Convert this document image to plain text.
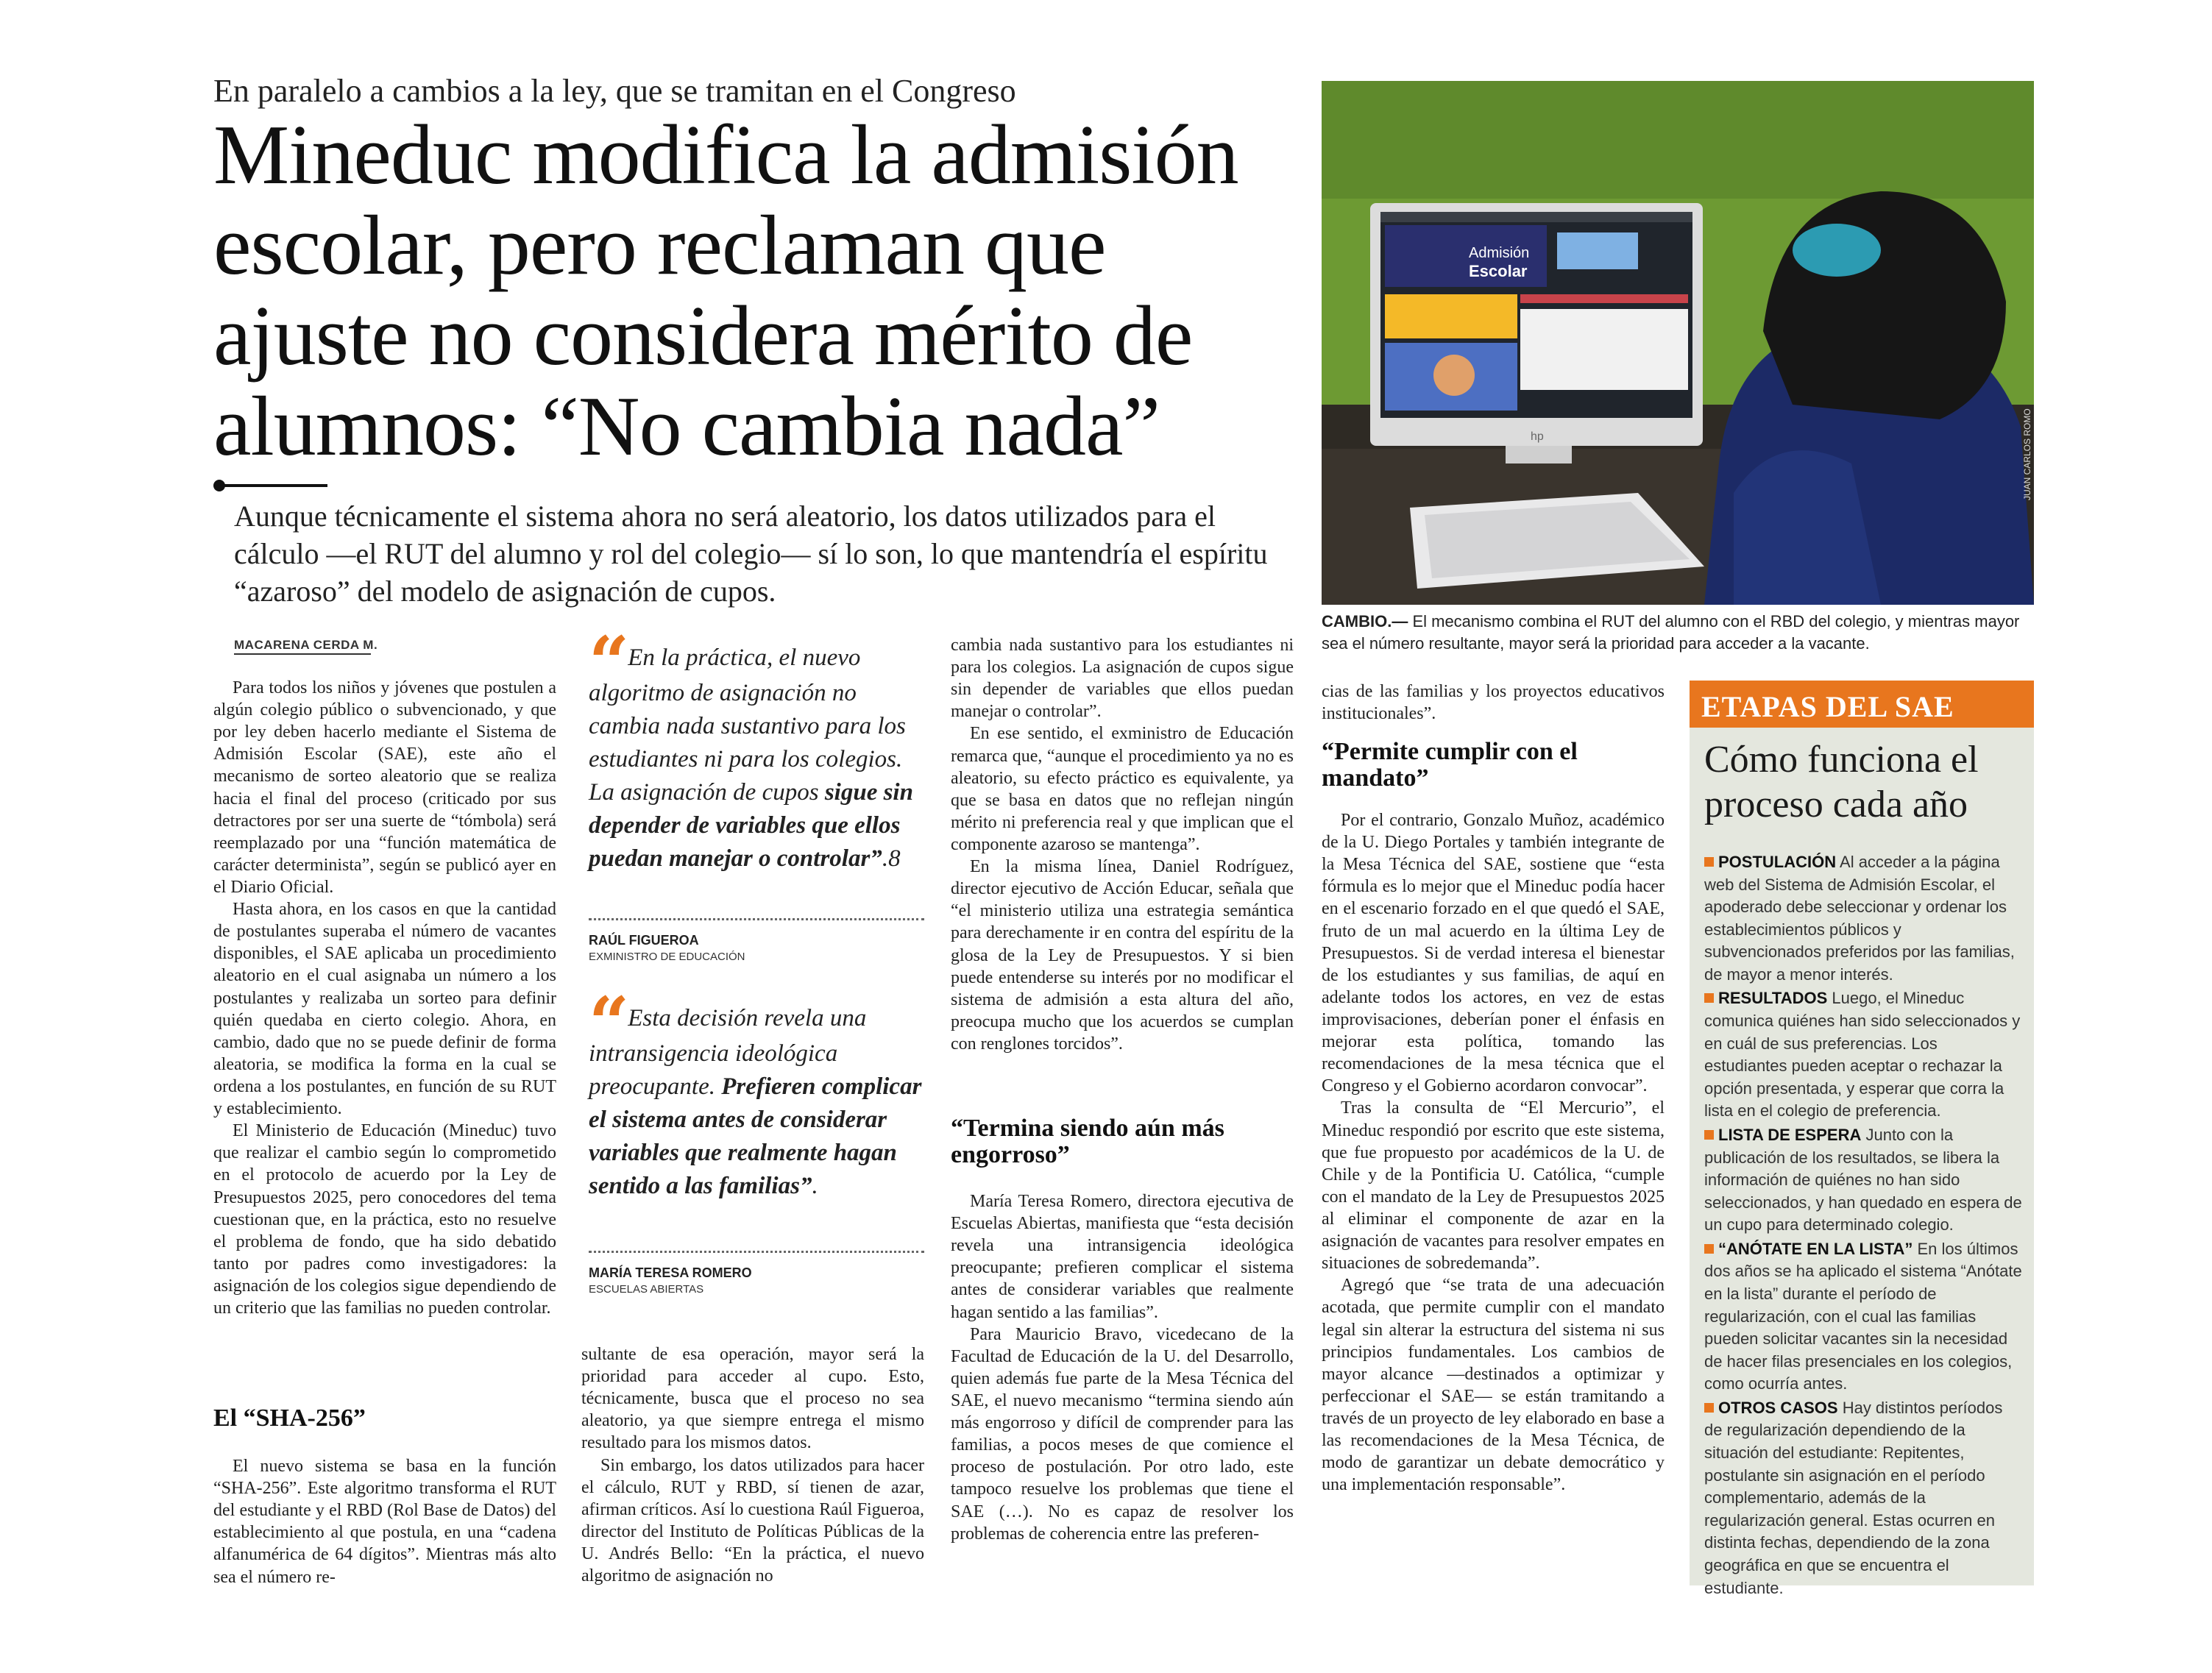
En paralelo a cambios a la ley, que se tramitan en el Congreso
Mineduc modifica la admisión escolar, pero reclaman que ajuste no considera mérito de alumnos: “No cambia nada”
Aunque técnicamente el sistema ahora no será aleatorio, los datos utilizados para el cálculo —el RUT del alumno y rol del colegio— sí lo son, lo que mantendría el espíritu “azaroso” del modelo de asignación de cupos.
Admisión
Escolar
hp	JUAN CARLOS ROMO
CAMBIO.— El mecanismo combina el RUT del alumno con el RBD del colegio, y mientras mayor sea el número resultante, mayor será la prioridad para acceder a la vacante.
MACARENA CERDA M.

Para todos los niños y jóvenes que postulen a algún colegio público o subvencionado, y que por ley deben hacerlo mediante el Sistema de Admisión Escolar (SAE), este año el mecanismo de sorteo aleatorio que se realiza hacia el final del proceso (criticado por sus detractores por ser una suerte de “tómbola) será reemplazado por una “función matemática de carácter determinista”, según se publicó ayer en el Diario Oficial.

Hasta ahora, en los casos en que la cantidad de postulantes superaba el número de vacantes disponibles, el SAE aplicaba un procedimiento aleatorio en el cual asignaba un número a los postulantes y realizaba un sorteo para definir quién quedaba en cierto colegio. Ahora, en cambio, dado que no se puede definir de forma aleatoria, se modifica la forma en la cual se ordena a los postulantes, en función de su RUT y establecimiento.

El Ministerio de Educación (Mineduc) tuvo que realizar el cambio según lo comprometido en el protocolo de acuerdo por la Ley de Presupuestos 2025, pero conocedores del tema cuestionan que, en la práctica, esto no resuelve el problema de fondo, que ha sido debatido tanto por padres como investigadores: la asignación de los colegios sigue dependiendo de un criterio que las familias no pueden controlar.

El “SHA-256”

El nuevo sistema se basa en la función “SHA-256”. Este algoritmo transforma el RUT del estudiante y el RBD (Rol Base de Datos) del establecimiento al que postula, en una “cadena alfanumérica de 64 dígitos”. Mientras más alto sea el número re-

“ En la práctica, el nuevo algoritmo de asignación no cambia nada sustantivo para los estudiantes ni para los colegios. La asignación de cupos sigue sin depender de variables que ellos puedan manejar o controlar”.8
RAÚL FIGUEROA
EXMINISTRO DE EDUCACIÓN
“ Esta decisión revela una intransigencia ideológica preocupante. Prefieren complicar el sistema antes de considerar variables que realmente hagan sentido a las familias”.
MARÍA TERESA ROMERO
ESCUELAS ABIERTAS

sultante de esa operación, mayor será la prioridad para acceder al cupo. Esto, técnicamente, busca que el proceso no sea aleatorio, ya que siempre entrega el mismo resultado para los mismos datos.

Sin embargo, los datos utilizados para hacer el cálculo, RUT y RBD, sí tienen de azar, afirman críticos. Así lo cuestiona Raúl Figueroa, director del Instituto de Políticas Públicas de la U. Andrés Bello: “En la práctica, el nuevo algoritmo de asignación no

cambia nada sustantivo para los estudiantes ni para los colegios. La asignación de cupos sigue sin depender de variables que ellos puedan manejar o controlar”.

En ese sentido, el exministro de Educación remarca que, “aunque el procedimiento ya no es aleatorio, su efecto práctico es equivalente, ya que se basa en datos que no reflejan ningún mérito ni preferencia real y que implican que el componente azaroso se mantenga”.

En la misma línea, Daniel Rodríguez, director ejecutivo de Acción Educar, señala que “el ministerio utiliza una estrategia semántica para derechamente ir en contra del espíritu de la glosa de la Ley de Presupuestos. Y si bien puede entenderse su interés por no modificar el sistema de admisión a esta altura del año, preocupa mucho que los acuerdos se cumplan con renglones torcidos”.

“Termina siendo aún más engorroso”

María Teresa Romero, directora ejecutiva de Escuelas Abiertas, manifiesta que “esta decisión revela una intransigencia ideológica preocupante; prefieren complicar el sistema antes de considerar variables que realmente hagan sentido a las familias”.

Para Mauricio Bravo, vicedecano de la Facultad de Educación de la U. del Desarrollo, quien además fue parte de la Mesa Técnica del SAE, el nuevo mecanismo “termina siendo aún más engorroso y difícil de comprender para las familias, a pocos meses de que comience el proceso de postulación. Por otro lado, este tampoco resuelve los problemas que tiene el SAE (…). No es capaz de resolver los problemas de coherencia entre las preferen-

cias de las familias y los proyectos educativos institucionales”.

“Permite cumplir con el mandato”

Por el contrario, Gonzalo Muñoz, académico de la U. Diego Portales y también integrante de la Mesa Técnica del SAE, sostiene que “esta fórmula es lo mejor que el Mineduc podía hacer en el escenario forzado en el que quedó el SAE, fruto de un mal acuerdo en la última Ley de Presupuestos. Si de verdad interesa el bienestar de los estudiantes y sus familias, de aquí en adelante todos los actores, en vez de estas improvisaciones, deberían poner el énfasis en mejorar esta política, tomando las recomendaciones de la mesa técnica que el Congreso y el Gobierno acordaron convocar”.

Tras la consulta de “El Mercurio”, el Mineduc respondió por escrito que este sistema, que fue propuesto por académicos de la U. de Chile y de la Pontificia U. Católica, “cumple con el mandato de la Ley de Presupuestos 2025 al eliminar el componente de azar en la asignación de vacantes para resolver empates en situaciones de sobredemanda”.

Agregó que “se trata de una adecuación acotada, que permite cumplir con el mandato legal sin alterar la estructura del sistema ni sus principios fundamentales. Los cambios de mayor alcance —destinados a optimizar y perfeccionar el SAE— se están tramitando a través de un proyecto de ley elaborado en base a las recomendaciones de la Mesa Técnica, de modo de garantizar un debate democrático y una implementación responsable”.

ETAPAS DEL SAE
Cómo funciona el proceso cada año
POSTULACIÓN Al acceder a la página web del Sistema de Admisión Escolar, el apoderado debe seleccionar y ordenar los establecimientos públicos y subvencionados preferidos por las familias, de mayor a menor interés.
RESULTADOS Luego, el Mineduc comunica quiénes han sido seleccionados y en cuál de sus preferencias. Los estudiantes pueden aceptar o rechazar la opción presentada, y esperar que corra la lista en el colegio de preferencia.
LISTA DE ESPERA Junto con la publicación de los resultados, se libera la información de quiénes no han sido seleccionados, y han quedado en espera de un cupo para determinado colegio.
“ANÓTATE EN LA LISTA” En los últimos dos años se ha aplicado el sistema “Anótate en la lista” durante el período de regularización, con el cual las familias pueden solicitar vacantes sin la necesidad de hacer filas presenciales en los colegios, como ocurría antes.
OTROS CASOS Hay distintos períodos de regularización dependiendo de la situación del estudiante: Repitentes, postulante sin asignación en el período complementario, además de la regularización general. Estas ocurren en distinta fechas, dependiendo de la zona geográfica en que se encuentra el estudiante.
